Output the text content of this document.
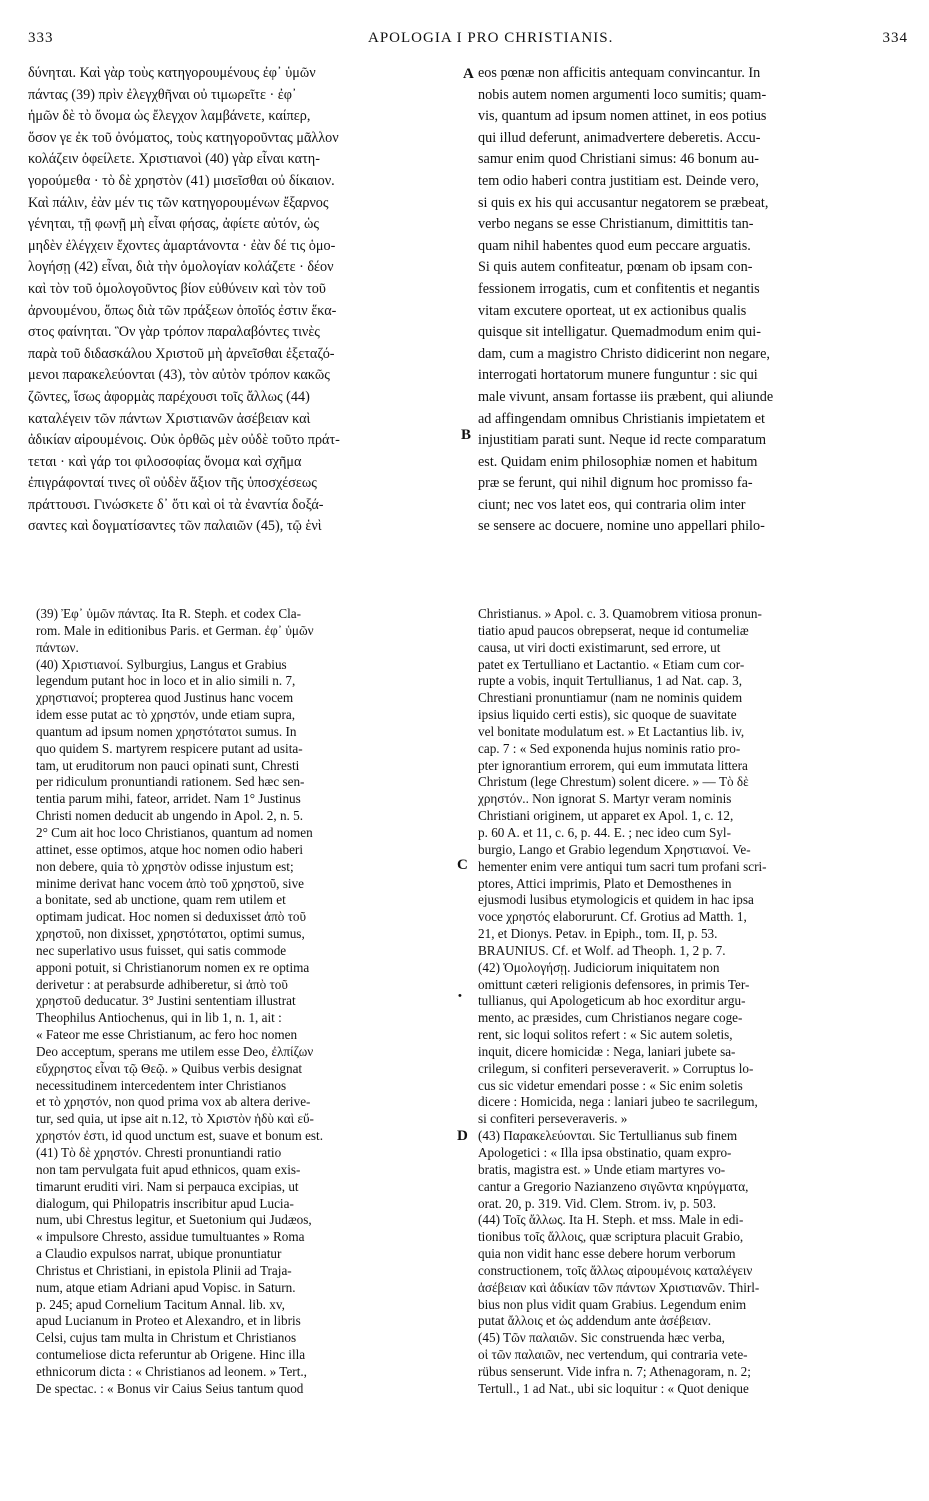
333	APOLOGIA I PRO CHRISTIANIS.	334
A
B
C
•
D
δύνηται. Καὶ γὰρ τοὺς κατηγορουμένους ἐφ᾽ ὑμῶν
πάντας (39) πρὶν ἐλεγχθῆναι οὐ τιμωρεῖτε · ἐφ᾽
ἡμῶν δὲ τὸ ὄνομα ὡς ἔλεγχον λαμβάνετε, καίπερ,
ὅσον γε ἐκ τοῦ ὀνόματος, τοὺς κατηγοροῦντας μᾶλλον
κολάζειν ὀφείλετε. Χριστιανοὶ (40) γὰρ εἶναι κατη-
γορούμεθα · τὸ δὲ χρηστὸν (41) μισεῖσθαι οὐ δίκαιον.
Καὶ πάλιν, ἐὰν μέν τις τῶν κατηγορουμένων ἔξαρνος
γένηται, τῇ φωνῇ μὴ εἶναι φήσας, ἀφίετε αὐτόν, ὡς
μηδὲν ἐλέγχειν ἔχοντες ἁμαρτάνοντα · ἐὰν δέ τις ὁμο-
λογήσῃ (42) εἶναι, διὰ τὴν ὁμολογίαν κολάζετε · δέον
καὶ τὸν τοῦ ὁμολογοῦντος βίον εὐθύνειν καὶ τὸν τοῦ
ἀρνουμένου, ὅπως διὰ τῶν πράξεων ὁποῖός ἐστιν ἕκα-
στος φαίνηται. Ὃν γὰρ τρόπον παραλαβόντες τινὲς
παρὰ τοῦ διδασκάλου Χριστοῦ μὴ ἀρνεῖσθαι ἐξεταζό-
μενοι παρακελεύονται (43), τὸν αὐτὸν τρόπον κακῶς
ζῶντες, ἴσως ἀφορμὰς παρέχουσι τοῖς ἄλλως (44)
καταλέγειν τῶν πάντων Χριστιανῶν ἀσέβειαν καὶ
ἀδικίαν αἱρουμένοις. Οὐκ ὀρθῶς μὲν οὐδὲ τοῦτο πράτ-
τεται · καὶ γάρ τοι φιλοσοφίας ὄνομα καὶ σχῆμα
ἐπιγράφονταί τινες οἳ οὐδὲν ἄξιον τῆς ὑποσχέσεως
πράττουσι. Γινώσκετε δ᾽ ὅτι καὶ οἱ τὰ ἐναντία δοξά-
σαντες καὶ δογματίσαντες τῶν παλαιῶν (45), τῷ ἑνὶ
eos pœnæ non afficitis antequam convincantur. In
nobis autem nomen argumenti loco sumitis; quam-
vis, quantum ad ipsum nomen attinet, in eos potius
qui illud deferunt, animadvertere deberetis. Accu-
samur enim quod Christiani simus: 46 bonum au-
tem odio haberi contra justitiam est. Deinde vero,
si quis ex his qui accusantur negatorem se præbeat,
verbo negans se esse Christianum, dimittitis tan-
quam nihil habentes quod eum peccare arguatis.
Si quis autem confiteatur, pœnam ob ipsam con-
fessionem irrogatis, cum et confitentis et negantis
vitam excutere oporteat, ut ex actionibus qualis
quisque sit intelligatur. Quemadmodum enim qui-
dam, cum a magistro Christo didicerint non negare,
interrogati hortatorum munere funguntur : sic qui
male vivunt, ansam fortasse iis præbent, qui aliunde
ad affingendam omnibus Christianis impietatem et
injustitiam parati sunt. Neque id recte comparatum
est. Quidam enim philosophiæ nomen et habitum
præ se ferunt, qui nihil dignum hoc promisso fa-
ciunt; nec vos latet eos, qui contraria olim inter
se sensere ac docuere, nomine uno appellari philo-
(39) Ἐφ᾽ ὑμῶν πάντας. Ita R. Steph. et codex Cla-
rom. Male in editionibus Paris. et German. ἐφ᾽ ὑμῶν
πάντων.
(40) Χριστιανοί. Sylburgius, Langus et Grabius
legendum putant hoc in loco et in alio simili n. 7,
χρηστιανοί; propterea quod Justinus hanc vocem
idem esse putat ac τὸ χρηστόν, unde etiam supra,
quantum ad ipsum nomen χρηστότατοι sumus. In
quo quidem S. martyrem respicere putant ad usita-
tam, ut eruditorum non pauci opinati sunt, Chresti
per ridiculum pronuntiandi rationem. Sed hæc sen-
tentia parum mihi, fateor, arridet. Nam 1° Justinus
Christi nomen deducit ab ungendo in Apol. 2, n. 5.
2° Cum ait hoc loco Christianos, quantum ad nomen
attinet, esse optimos, atque hoc nomen odio haberi
non debere, quia τὸ χρηστὸν odisse injustum est;
minime derivat hanc vocem ἀπὸ τοῦ χρηστοῦ, sive
a bonitate, sed ab unctione, quam rem utilem et
optimam judicat. Hoc nomen si deduxisset ἀπὸ τοῦ
χρηστοῦ, non dixisset, χρηστότατοι, optimi sumus,
nec superlativo usus fuisset, qui satis commode
apponi potuit, si Christianorum nomen ex re optima
derivetur : at perabsurde adhiberetur, si ἀπὸ τοῦ
χρηστοῦ deducatur. 3° Justini sententiam illustrat
Theophilus Antiochenus, qui in lib 1, n. 1, ait :
« Fateor me esse Christianum, ac fero hoc nomen
Deo acceptum, sperans me utilem esse Deo, ἐλπίζων
εὔχρηστος εἶναι τῷ Θεῷ. » Quibus verbis designat
necessitudinem intercedentem inter Christianos
et τὸ χρηστόν, non quod prima vox ab altera derive-
tur, sed quia, ut ipse ait n.12, τὸ Χριστὸν ἡδὺ καὶ εὔ-
χρηστόν ἐστι, id quod unctum est, suave et bonum est.
(41) Τὸ δὲ χρηστόν. Chresti pronuntiandi ratio
non tam pervulgata fuit apud ethnicos, quam exis-
timarunt eruditi viri. Nam si perpauca excipias, ut
dialogum, qui Philopatris inscribitur apud Lucia-
num, ubi Chrestus legitur, et Suetonium qui Judæos,
« impulsore Chresto, assidue tumultuantes » Roma
a Claudio expulsos narrat, ubique pronuntiatur
Christus et Christiani, in epistola Plinii ad Traja-
num, atque etiam Adriani apud Vopisc. in Saturn.
p. 245; apud Cornelium Tacitum Annal. lib. xv,
apud Lucianum in Proteo et Alexandro, et in libris
Celsi, cujus tam multa in Christum et Christianos
contumeliose dicta referuntur ab Origene. Hinc illa
ethnicorum dicta : « Christianos ad leonem. » Tert.,
De spectac. : « Bonus vir Caius Seius tantum quod
Christianus. » Apol. c. 3. Quamobrem vitiosa pronun-
tiatio apud paucos obrepserat, neque id contumeliæ
causa, ut viri docti existimarunt, sed errore, ut
patet ex Tertulliano et Lactantio. « Etiam cum cor-
rupte a vobis, inquit Tertullianus, 1 ad Nat. cap. 3,
Chrestiani pronuntiamur (nam ne nominis quidem
ipsius liquido certi estis), sic quoque de suavitate
vel bonitate modulatum est. » Et Lactantius lib. iv,
cap. 7 : « Sed exponenda hujus nominis ratio pro-
pter ignorantium errorem, qui eum immutata littera
Christum (lege Chrestum) solent dicere. » — Τὸ δὲ
χρηστόν.. Non ignorat S. Martyr veram nominis
Christiani originem, ut apparet ex Apol. 1, c. 12,
p. 60 A. et 11, c. 6, p. 44. E. ; nec ideo cum Syl-
burgio, Lango et Grabio legendum Χρηστιανοί. Ve-
hementer enim vere antiqui tum sacri tum profani scri-
ptores, Attici imprimis, Plato et Demosthenes in
ejusmodi lusibus etymologicis et quidem in hac ipsa
voce χρηστός elaborurunt. Cf. Grotius ad Matth. 1,
21, et Dionys. Petav. in Epiph., tom. II, p. 53.
BRAUNIUS. Cf. et Wolf. ad Theoph. 1, 2 p. 7.
(42) Ὁμολογήσῃ. Judiciorum iniquitatem non
omittunt cæteri religionis defensores, in primis Ter-
tullianus, qui Apologeticum ab hoc exorditur argu-
mento, ac præsides, cum Christianos negare coge-
rent, sic loqui solitos refert : « Sic autem soletis,
inquit, dicere homicidæ : Nega, laniari jubete sa-
crilegum, si confiteri perseveraverit. » Corruptus lo-
cus sic videtur emendari posse : « Sic enim soletis
dicere : Homicida, nega : laniari jubeo te sacrilegum,
si confiteri perseveraveris. »
(43) Παρακελεύονται. Sic Tertullianus sub finem
Apologetici : « Illa ipsa obstinatio, quam expro-
bratis, magistra est. » Unde etiam martyres vo-
cantur a Gregorio Nazianzeno σιγῶντα κηρύγματα,
orat. 20, p. 319. Vid. Clem. Strom. iv, p. 503.
(44) Τοῖς ἄλλως. Ita H. Steph. et mss. Male in edi-
tionibus τοῖς ἄλλοις, quæ scriptura placuit Grabio,
quia non vidit hanc esse debere horum verborum
constructionem, τοῖς ἄλλως αἱρουμένοις καταλέγειν
ἀσέβειαν καὶ ἀδικίαν τῶν πάντων Χριστιανῶν. Thirl-
bius non plus vidit quam Grabius. Legendum enim
putat ἄλλοις et ὡς addendum ante ἀσέβειαν.
(45) Τῶν παλαιῶν. Sic construenda hæc verba,
οἱ τῶν παλαιῶν, nec vertendum, qui contraria vete-
rübus senserunt. Vide infra n. 7; Athenagoram, n. 2;
Tertull., 1 ad Nat., ubi sic loquitur : « Quot denique
